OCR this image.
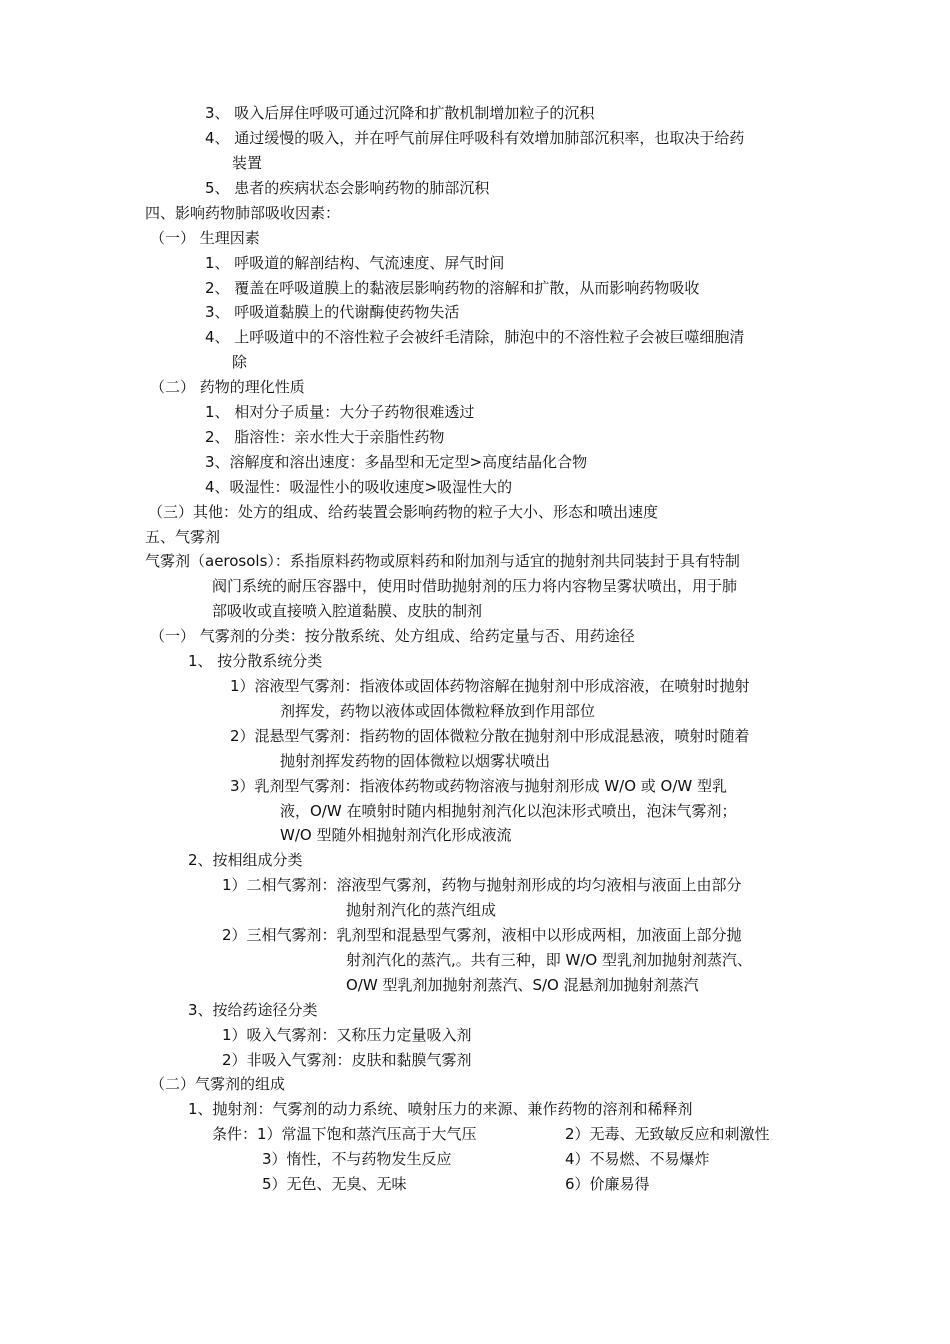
3、 吸入后屏住呼吸可通过沉降和扩散机制增加粒子的沉积
4、 通过缓慢的吸入，并在呼气前屏住呼吸科有效增加肺部沉积率，也取决于给药
装置
5、 患者的疾病状态会影响药物的肺部沉积
四、影响药物肺部吸收因素：
（一） 生理因素
1、 呼吸道的解剖结构、气流速度、屏气时间
2、 覆盖在呼吸道膜上的黏液层影响药物的溶解和扩散，从而影响药物吸收
3、 呼吸道黏膜上的代谢酶使药物失活
4、 上呼吸道中的不溶性粒子会被纤毛清除，肺泡中的不溶性粒子会被巨噬细胞清
除
（二） 药物的理化性质
1、 相对分子质量：大分子药物很难透过
2、 脂溶性：亲水性大于亲脂性药物
3、溶解度和溶出速度：多晶型和无定型>高度结晶化合物
4、吸湿性：吸湿性小的吸收速度>吸湿性大的
（三）其他：处方的组成、给药装置会影响药物的粒子大小、形态和喷出速度
五、气雾剂
气雾剂（aerosols）：系指原料药物或原料药和附加剂与适宜的抛射剂共同装封于具有特制
阀门系统的耐压容器中，使用时借助抛射剂的压力将内容物呈雾状喷出，用于肺
部吸收或直接喷入腔道黏膜、皮肤的制剂
（一） 气雾剂的分类：按分散系统、处方组成、给药定量与否、用药途径
1、 按分散系统分类
1）溶液型气雾剂：指液体或固体药物溶解在抛射剂中形成溶液，在喷射时抛射
剂挥发，药物以液体或固体微粒释放到作用部位
2）混悬型气雾剂：指药物的固体微粒分散在抛射剂中形成混悬液，喷射时随着
抛射剂挥发药物的固体微粒以烟雾状喷出
3）乳剂型气雾剂：指液体药物或药物溶液与抛射剂形成 W/O 或 O/W 型乳
液，O/W 在喷射时随内相抛射剂汽化以泡沫形式喷出，泡沫气雾剂；
W/O 型随外相抛射剂汽化形成液流
2、按相组成分类
1）二相气雾剂：溶液型气雾剂，药物与抛射剂形成的均匀液相与液面上由部分
抛射剂汽化的蒸汽组成
2）三相气雾剂：乳剂型和混悬型气雾剂，液相中以形成两相，加液面上部分抛
射剂汽化的蒸汽,。共有三种，即 W/O 型乳剂加抛射剂蒸汽、
O/W 型乳剂加抛射剂蒸汽、S/O 混悬剂加抛射剂蒸汽
3、按给药途径分类
1）吸入气雾剂：又称压力定量吸入剂
2）非吸入气雾剂：皮肤和黏膜气雾剂
（二）气雾剂的组成
1、抛射剂：气雾剂的动力系统、喷射压力的来源、兼作药物的溶剂和稀释剂
条件：1）常温下饱和蒸汽压高于大气压	2）无毒、无致敏反应和刺激性
3）惰性，不与药物发生反应	4）不易燃、不易爆炸
5）无色、无臭、无味	6）价廉易得
